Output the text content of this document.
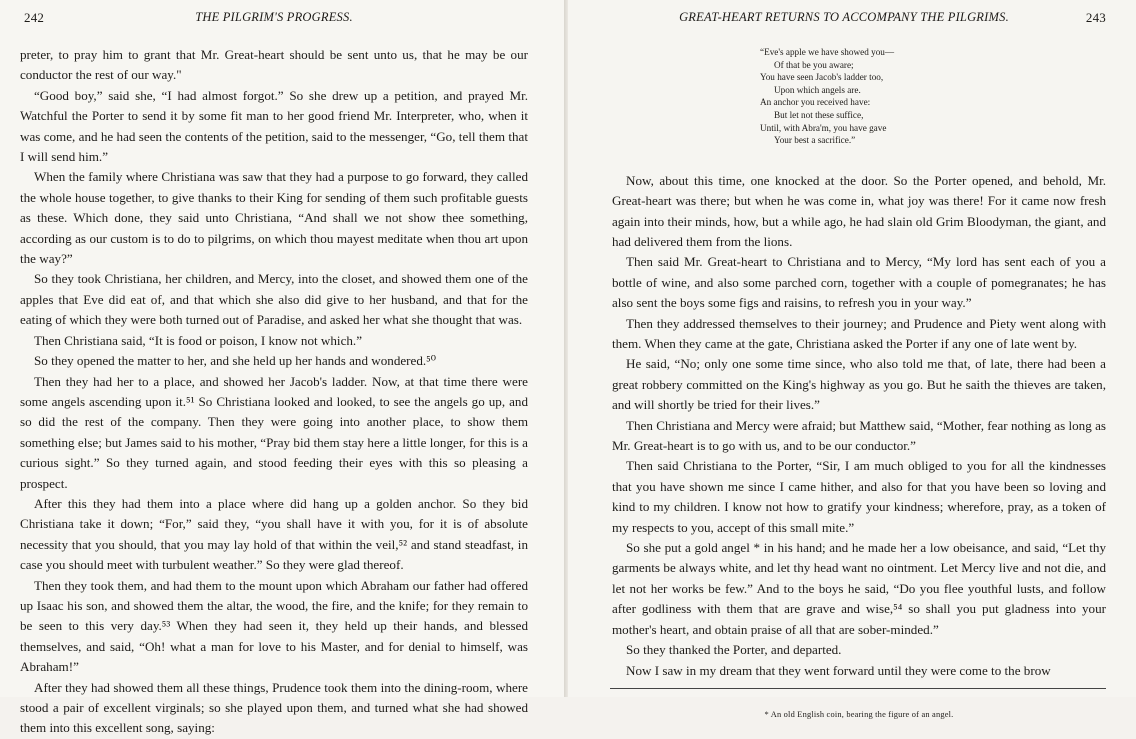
242	THE PILGRIM'S PROGRESS.

preter, to pray him to grant that Mr. Great-heart should be sent unto us, that he may be our conductor the rest of our way."

“Good boy,” said she, “I had almost forgot.” So she drew up a petition, and prayed Mr. Watchful the Porter to send it by some fit man to her good friend Mr. Interpreter, who, when it was come, and he had seen the contents of the petition, said to the messenger, “Go, tell them that I will send him.”

When the family where Christiana was saw that they had a purpose to go forward, they called the whole house together, to give thanks to their King for sending of them such profitable guests as these. Which done, they said unto Christiana, “And shall we not show thee something, according as our custom is to do to pilgrims, on which thou mayest meditate when thou art upon the way?”

So they took Christiana, her children, and Mercy, into the closet, and showed them one of the apples that Eve did eat of, and that which she also did give to her husband, and that for the eating of which they were both turned out of Paradise, and asked her what she thought that was.

Then Christiana said, “It is food or poison, I know not which.”

So they opened the matter to her, and she held up her hands and wondered.⁵⁰

Then they had her to a place, and showed her Jacob's ladder. Now, at that time there were some angels ascending upon it.⁵¹ So Christiana looked and looked, to see the angels go up, and so did the rest of the company. Then they were going into another place, to show them something else; but James said to his mother, “Pray bid them stay here a little longer, for this is a curious sight.” So they turned again, and stood feeding their eyes with this so pleasing a prospect.

After this they had them into a place where did hang up a golden anchor. So they bid Christiana take it down; “For,” said they, “you shall have it with you, for it is of absolute necessity that you should, that you may lay hold of that within the veil,⁵² and stand steadfast, in case you should meet with turbulent weather.” So they were glad thereof.

Then they took them, and had them to the mount upon which Abraham our father had offered up Isaac his son, and showed them the altar, the wood, the fire, and the knife; for they remain to be seen to this very day.⁵³ When they had seen it, they held up their hands, and blessed themselves, and said, “Oh! what a man for love to his Master, and for denial to himself, was Abraham!”

After they had showed them all these things, Prudence took them into the dining-room, where stood a pair of excellent virginals; so she played upon them, and turned what she had showed them into this excellent song, saying:

GREAT-HEART RETURNS TO ACCOMPANY THE PILGRIMS.	243
“Eve's apple we have showed you—
Of that be you aware;
You have seen Jacob's ladder too,
Upon which angels are.
An anchor you received have:
But let not these suffice,
Until, with Abra'm, you have gave
Your best a sacrifice.”

Now, about this time, one knocked at the door. So the Porter opened, and behold, Mr. Great-heart was there; but when he was come in, what joy was there! For it came now fresh again into their minds, how, but a while ago, he had slain old Grim Bloodyman, the giant, and had delivered them from the lions.

Then said Mr. Great-heart to Christiana and to Mercy, “My lord has sent each of you a bottle of wine, and also some parched corn, together with a couple of pomegranates; he has also sent the boys some figs and raisins, to refresh you in your way.”

Then they addressed themselves to their journey; and Prudence and Piety went along with them. When they came at the gate, Christiana asked the Porter if any one of late went by.

He said, “No; only one some time since, who also told me that, of late, there had been a great robbery committed on the King's highway as you go. But he saith the thieves are taken, and will shortly be tried for their lives.”

Then Christiana and Mercy were afraid; but Matthew said, “Mother, fear nothing as long as Mr. Great-heart is to go with us, and to be our conductor.”

Then said Christiana to the Porter, “Sir, I am much obliged to you for all the kindnesses that you have shown me since I came hither, and also for that you have been so loving and kind to my children. I know not how to gratify your kindness; wherefore, pray, as a token of my respects to you, accept of this small mite.”

So she put a gold angel * in his hand; and he made her a low obeisance, and said, “Let thy garments be always white, and let thy head want no ointment. Let Mercy live and not die, and let not her works be few.” And to the boys he said, “Do you flee youthful lusts, and follow after godliness with them that are grave and wise,⁵⁴ so shall you put gladness into your mother's heart, and obtain praise of all that are sober-minded.”

So they thanked the Porter, and departed.

Now I saw in my dream that they went forward until they were come to the brow

* An old English coin, bearing the figure of an angel.
